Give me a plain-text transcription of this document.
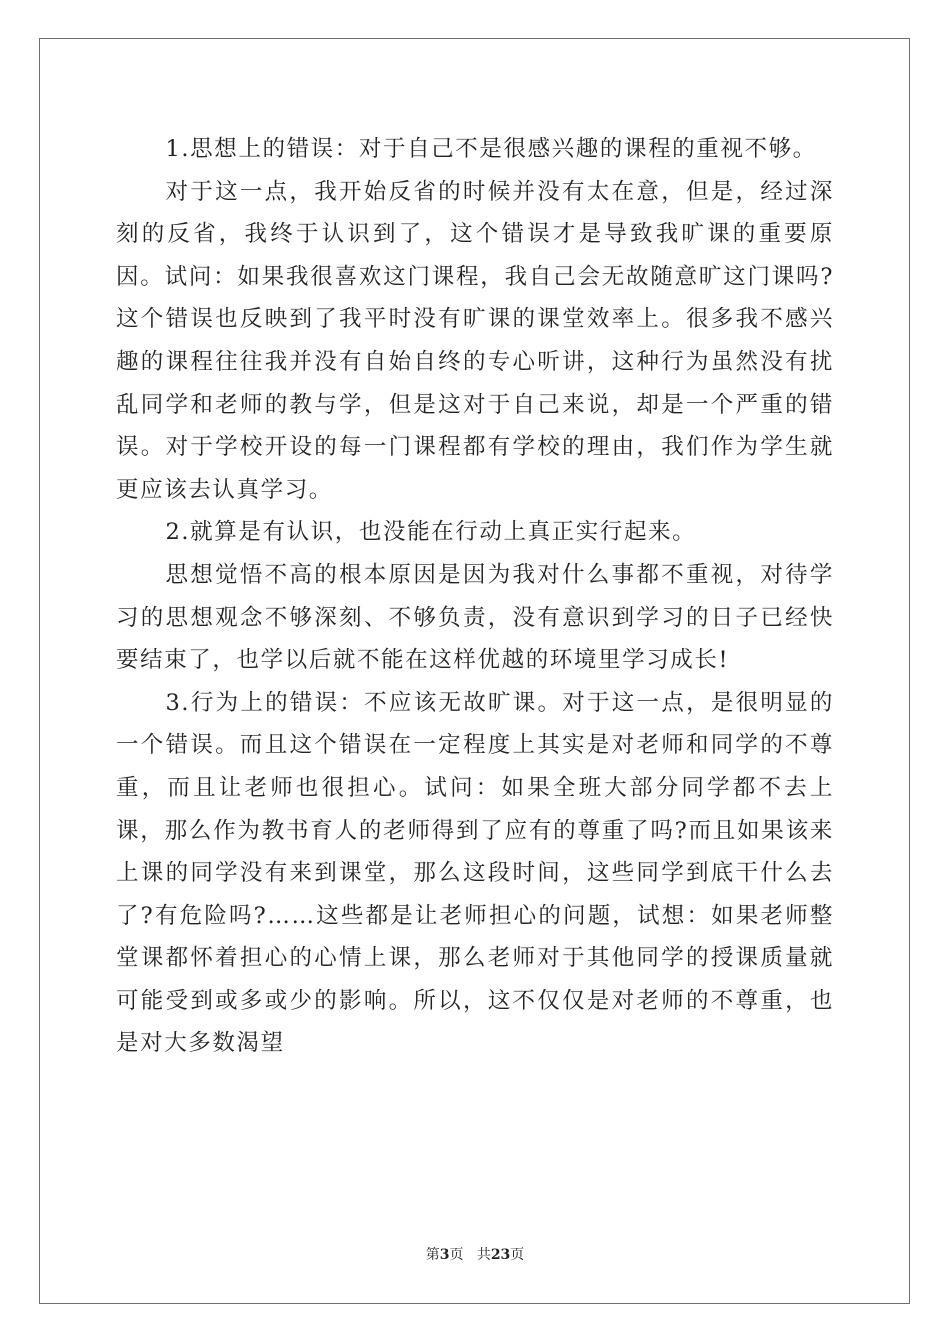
1.思想上的错误：对于自己不是很感兴趣的课程的重视不够。

对于这一点，我开始反省的时候并没有太在意，但是，经过深刻的反省，我终于认识到了，这个错误才是导致我旷课的重要原因。试问：如果我很喜欢这门课程，我自己会无故随意旷这门课吗?这个错误也反映到了我平时没有旷课的课堂效率上。很多我不感兴趣的课程往往我并没有自始自终的专心听讲，这种行为虽然没有扰乱同学和老师的教与学，但是这对于自己来说，却是一个严重的错误。对于学校开设的每一门课程都有学校的理由，我们作为学生就更应该去认真学习。

2.就算是有认识，也没能在行动上真正实行起来。

思想觉悟不高的根本原因是因为我对什么事都不重视，对待学习的思想观念不够深刻、不够负责，没有意识到学习的日子已经快要结束了，也学以后就不能在这样优越的环境里学习成长!

3.行为上的错误：不应该无故旷课。对于这一点，是很明显的一个错误。而且这个错误在一定程度上其实是对老师和同学的不尊重，而且让老师也很担心。试问：如果全班大部分同学都不去上课，那么作为教书育人的老师得到了应有的尊重了吗?而且如果该来上课的同学没有来到课堂，那么这段时间，这些同学到底干什么去了?有危险吗?……这些都是让老师担心的问题，试想：如果老师整堂课都怀着担心的心情上课，那么老师对于其他同学的授课质量就可能受到或多或少的影响。所以，这不仅仅是对老师的不尊重，也是对大多数渴望

第3页 共23页
